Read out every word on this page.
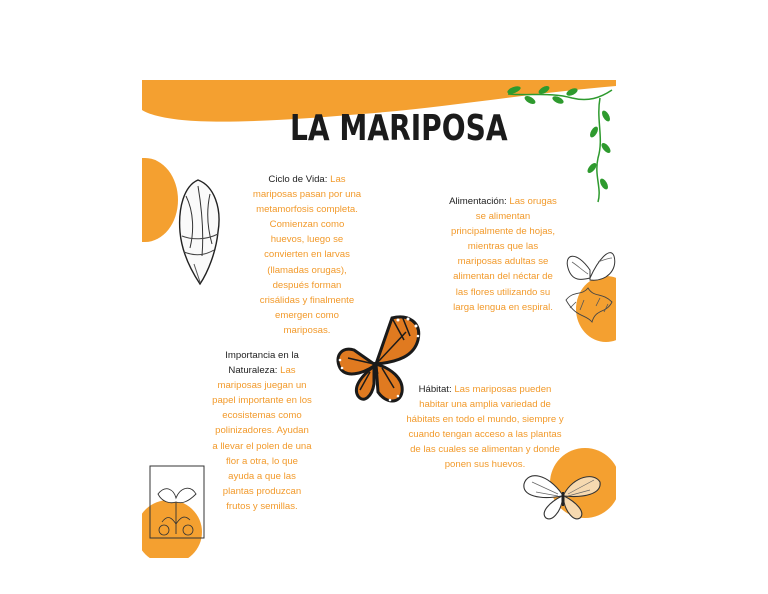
LA MARIPOSA
Ciclo de Vida: Las mariposas pasan por una metamorfosis completa. Comienzan como huevos, luego se convierten en larvas (llamadas orugas), después forman crisálidas y finalmente emergen como mariposas.
Alimentación: Las orugas se alimentan principalmente de hojas, mientras que las mariposas adultas se alimentan del néctar de las flores utilizando su larga lengua en espiral.
Importancia en la Naturaleza: Las mariposas juegan un papel importante en los ecosistemas como polinizadores. Ayudan a llevar el polen de una flor a otra, lo que ayuda a que las plantas produzcan frutos y semillas.
Hábitat: Las mariposas pueden habitar una amplia variedad de hábitats en todo el mundo, siempre y cuando tengan acceso a las plantas de las cuales se alimentan y donde ponen sus huevos.
